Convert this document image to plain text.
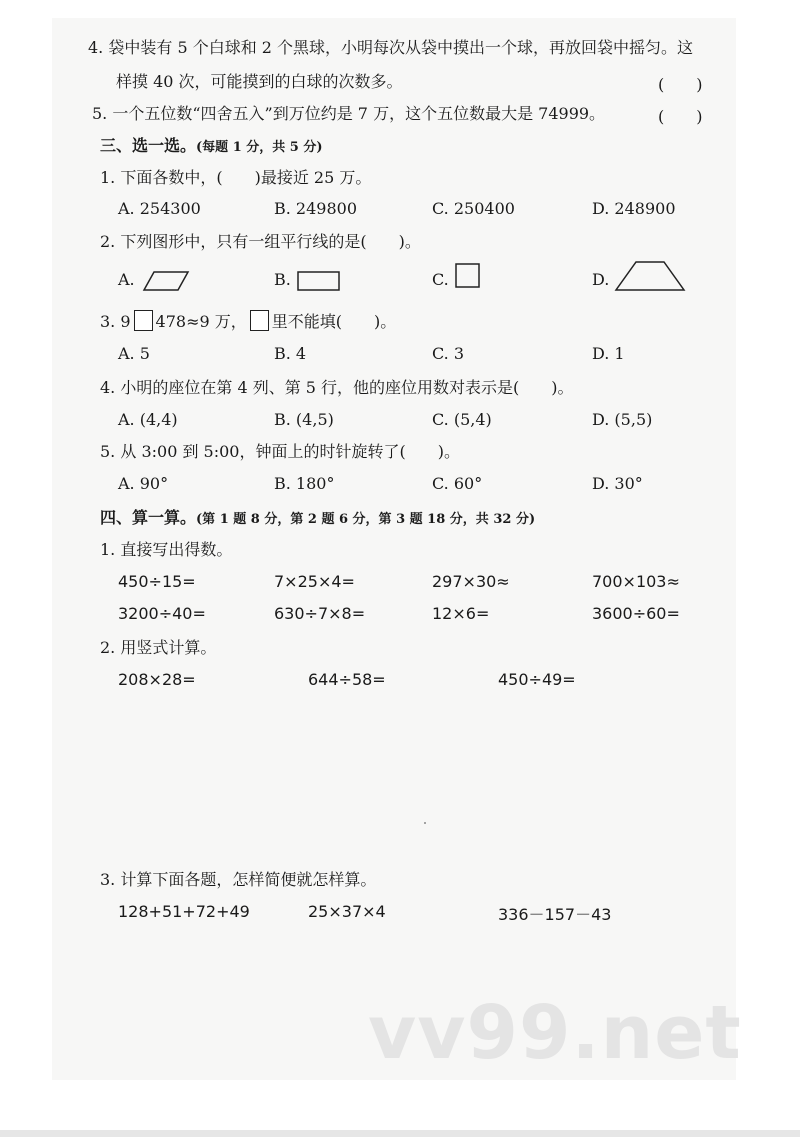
4. 袋中装有 5 个白球和 2 个黑球，小明每次从袋中摸出一个球，再放回袋中摇匀。这
样摸 40 次，可能摸到的白球的次数多。	(　　)
5. 一个五位数“四舍五入”到万位约是 7 万，这个五位数最大是 74999。	(　　)
三、选一选。(每题 1 分，共 5 分)
1. 下面各数中，(　　)最接近 25 万。
A. 254300	B. 249800	C. 250400	D. 248900
2. 下列图形中，只有一组平行线的是(　　)。
A.	B.	C.	D.
3. 9 478≈9 万， 里不能填(　　)。
A. 5	B. 4	C. 3	D. 1
4. 小明的座位在第 4 列、第 5 行，他的座位用数对表示是(　　)。
A. (4,4)	B. (4,5)	C. (5,4)	D. (5,5)
5. 从 3:00 到 5:00，钟面上的时针旋转了(　　)。
A. 90°	B. 180°	C. 60°	D. 30°
四、算一算。(第 1 题 8 分，第 2 题 6 分，第 3 题 18 分，共 32 分)
1. 直接写出得数。
450÷15=	7×25×4=	297×30≈	700×103≈
3200÷40=	630÷7×8=	12×6=	3600÷60=
2. 用竖式计算。
208×28=	644÷58=	450÷49=
3. 计算下面各题，怎样简便就怎样算。
128+51+72+49	25×37×4	336－157－43
vv99.net
